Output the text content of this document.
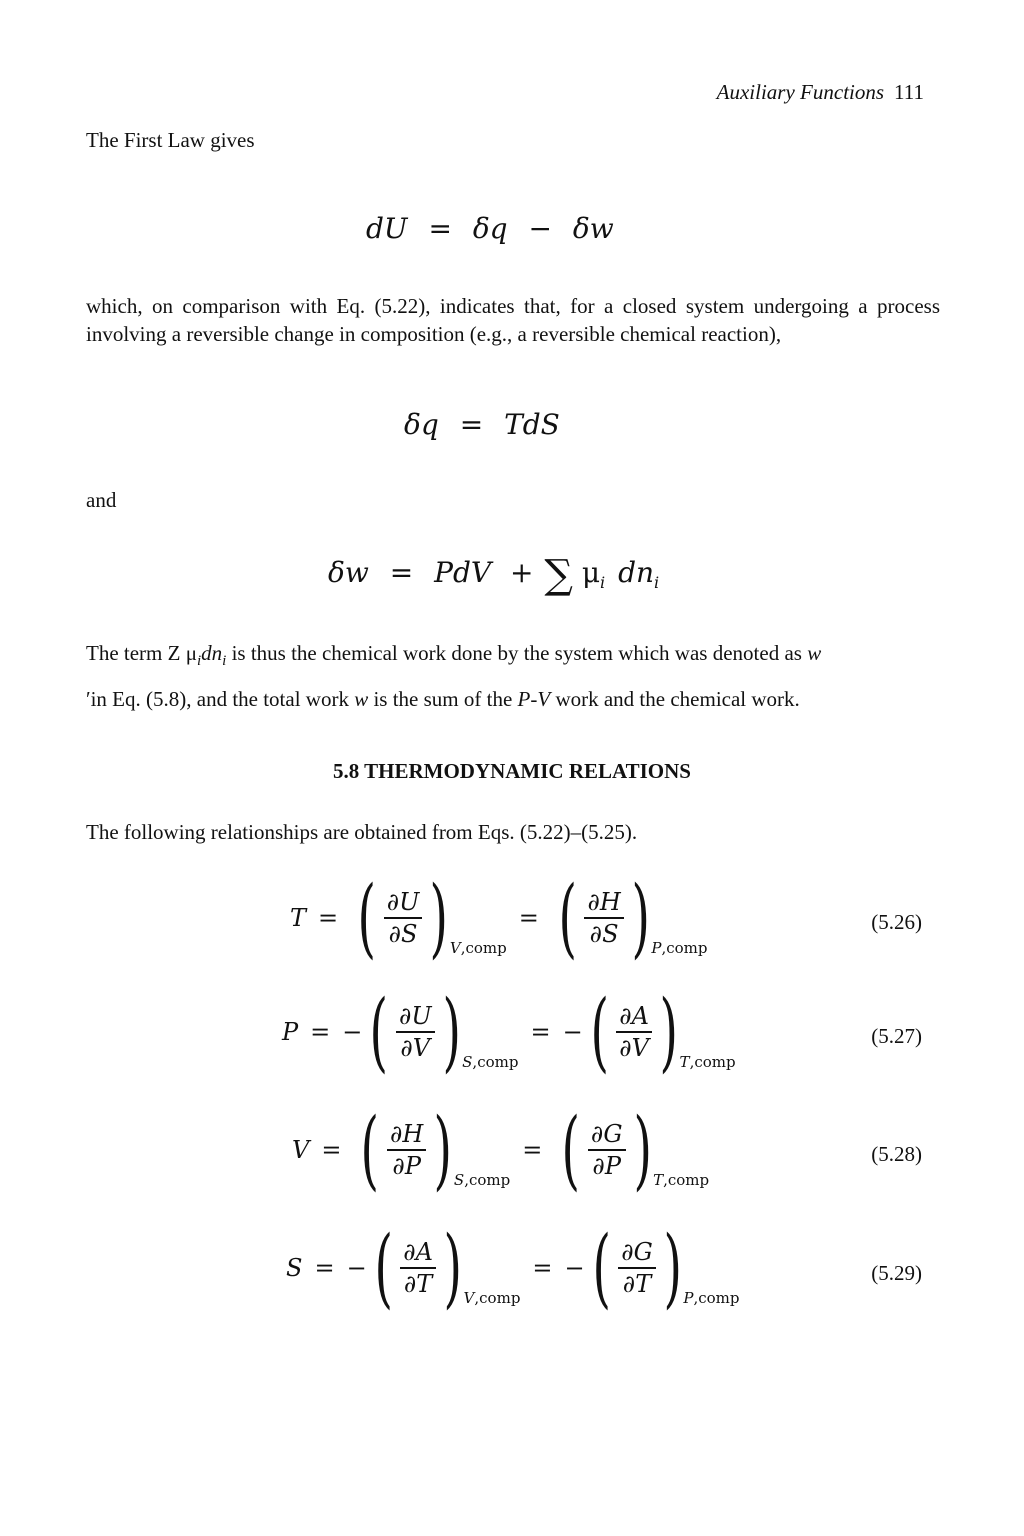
Auxiliary Functions 111
The First Law gives
dU = δq − δw
which, on comparison with Eq. (5.22), indicates that, for a closed system undergoing a process involving a reversible change in composition (e.g., a reversible chemical reaction),
δq = TdS
and
δw = PdV + ∑ $\mu_i$ $dn_i$
The term Z $\mu_idn_i$ is thus the chemical work done by the system which was denoted as w
′in Eq. (5.8), and the total work w is the sum of the P-V work and the chemical work.
5.8 THERMODYNAMIC RELATIONS
The following relationships are obtained from Eqs. (5.22)–(5.25).
T = ( $\frac{\partial U}{\partial S}$ ) V,comp
= ( $\frac{\partial H}{\partial S}$ ) P,comp
(5.26)
P = − ( $\frac{\partial U}{\partial V}$ ) S,comp
= − ( $\frac{\partial A}{\partial V}$ ) T,comp
(5.27)
V = ( $\frac{\partial H}{\partial P}$ ) S,comp
= ( $\frac{\partial G}{\partial P}$ ) T,comp
(5.28)
S = − ( $\frac{\partial A}{\partial T}$ ) V,comp
= − ( $\frac{\partial G}{\partial T}$ ) P,comp
(5.29)
